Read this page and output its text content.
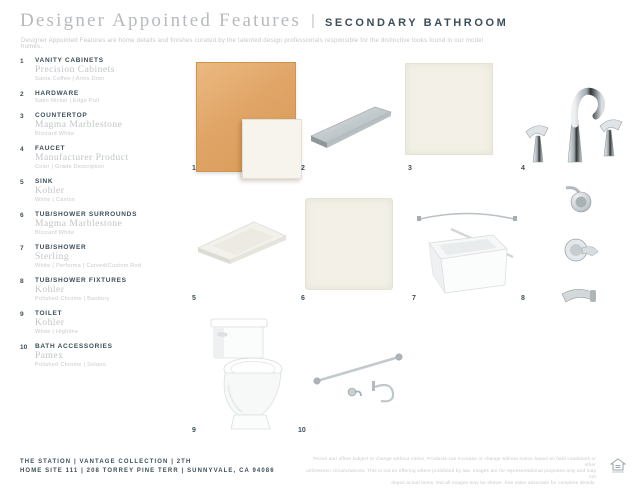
Designer Appointed Features | SECONDARY BATHROOM
Designer Appointed Features are home details and finishes curated by the talented design professionals responsible for the distinctive looks found in our model homes.
1	VANITY CABINETS
Precision Cabinets
Santa Coffee | Aries Door
2	HARDWARE
Satin Nickel | Edge Pull
3	COUNTERTOP
Magma Marblestone
Blizzard White
4	FAUCET
Manufacturer Product
Color | Grade Description
5	SINK
Kohler
White | Caxton
6	TUB/SHOWER SURROUNDS
Magma Marblestone
Blizzard White
7	TUB/SHOWER
Sterling
White | Performa | Curved/Custom Rod
8	TUB/SHOWER FIXTURES
Kohler
Polished Chrome | Banbury
9	TOILET
Kohler
White | Highline
10	BATH ACCESSORIES
Pamex
Polished Chrome | Solano
1	2	3	4
5	6	7	8
9	10
THE STATION | VANTAGE COLLECTION | 2TH
HOME SITE 111 | 208 TORREY PINE TERR | SUNNYVALE, CA 94086
Prices and offers subject to change without notice. Products can increase or change without notice based on field conditions or other
unforeseen circumstances. This is not an offering where prohibited by law. Images are for representational purposes only and may not
depict actual items. Not all images may be shown. See sales associate for complete details.
